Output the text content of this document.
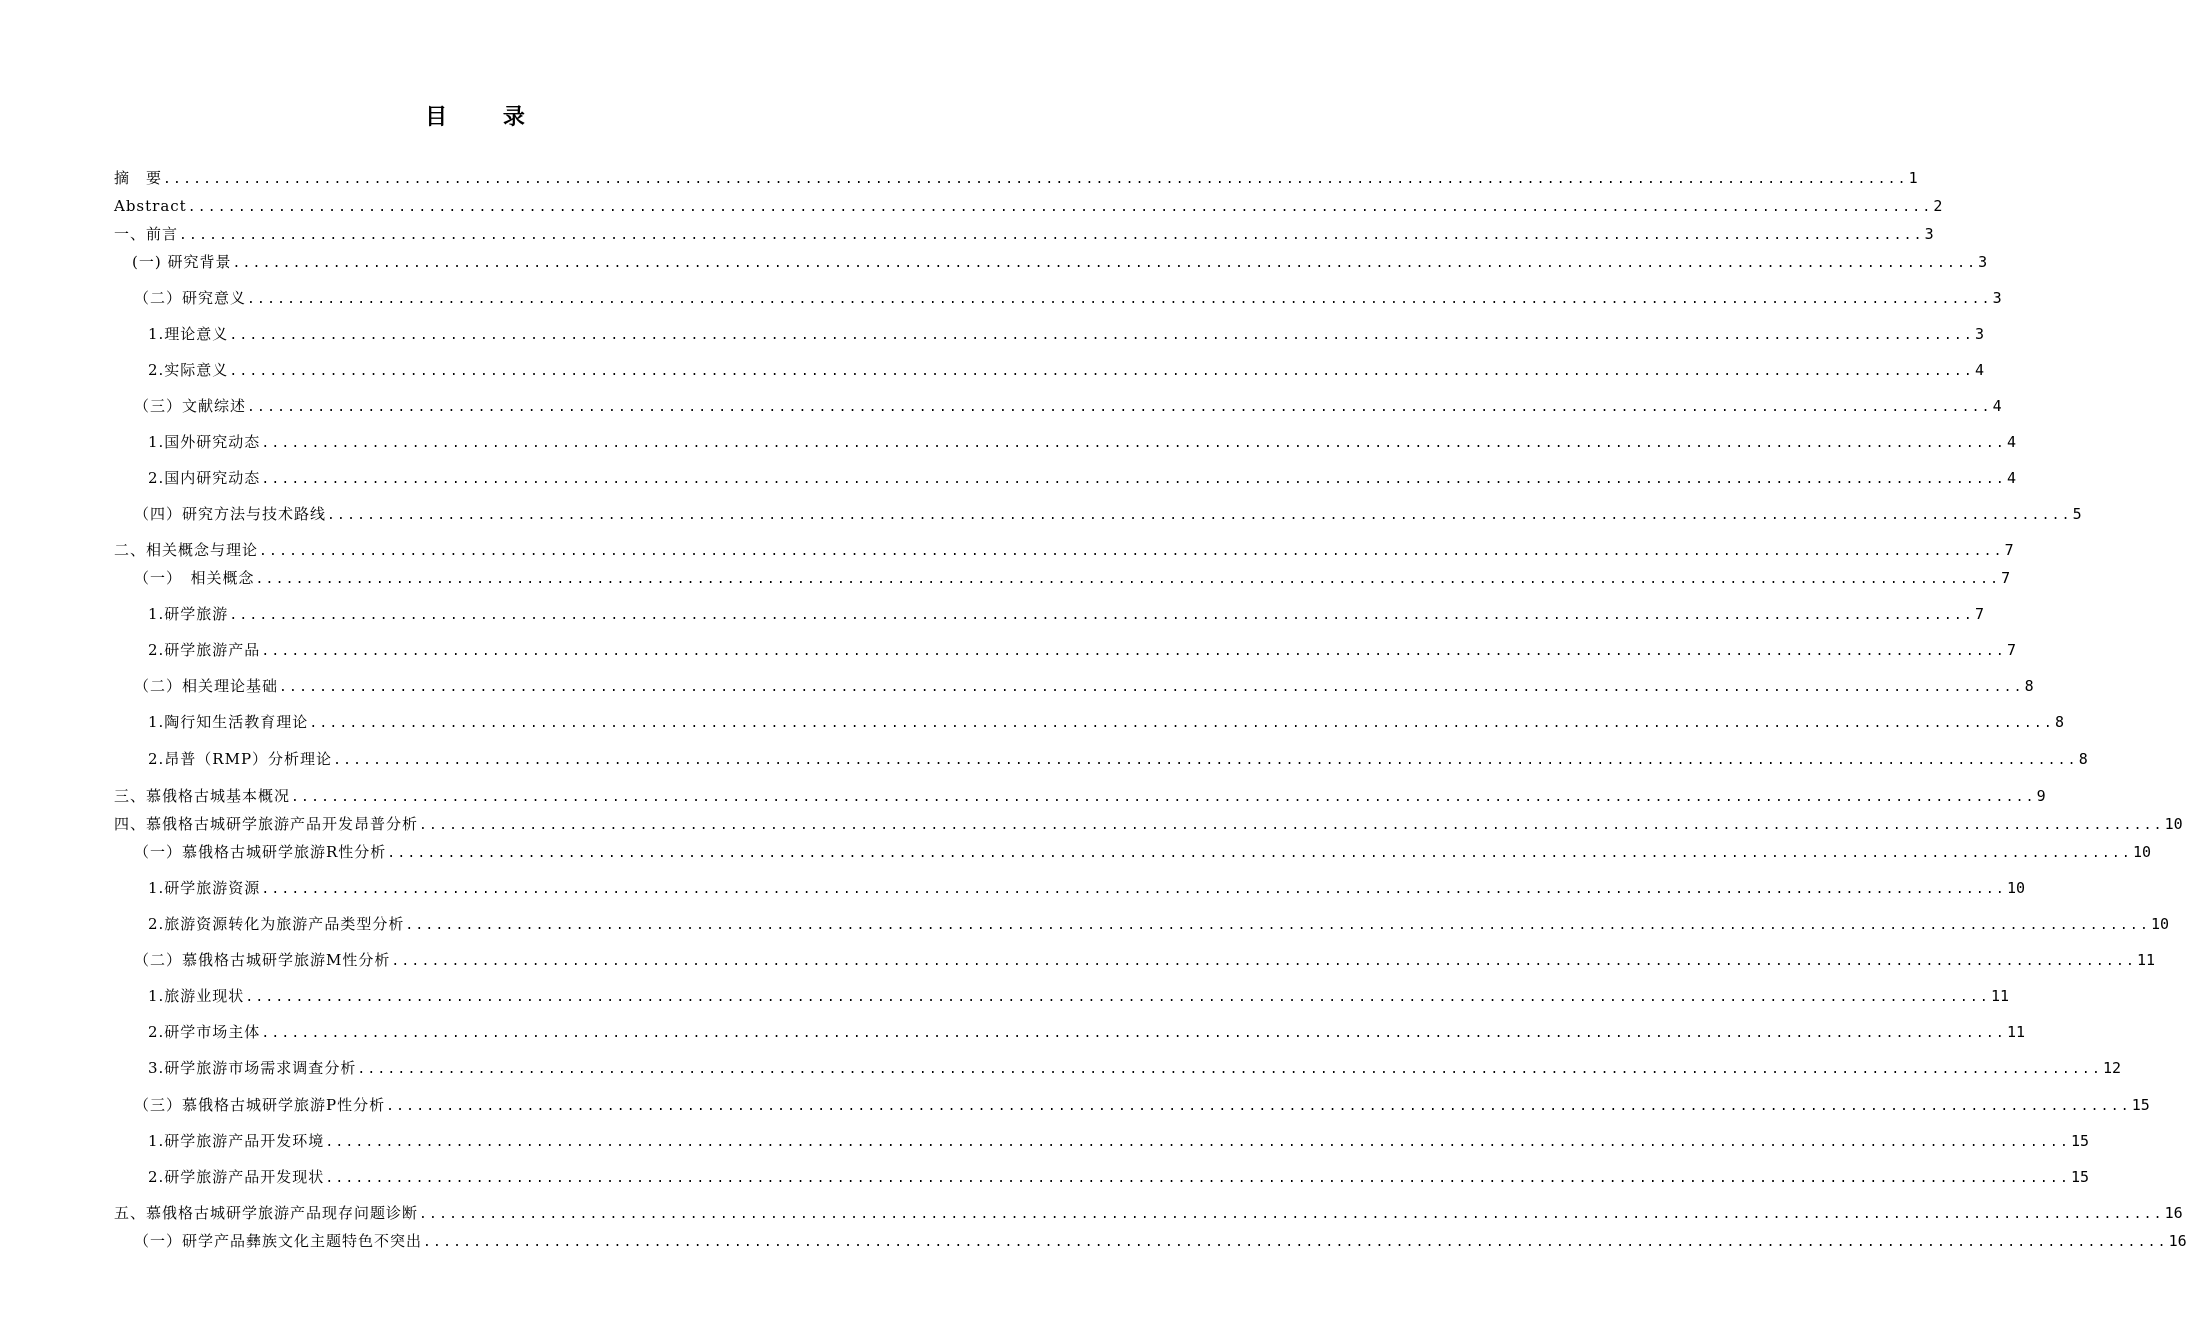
目 录
摘　要 .............................................................................................................................................................................. 1
Abstract .............................................................................................................................................................................. 2
一、前言 .............................................................................................................................................................................. 3
(一) 研究背景 .............................................................................................................................................................................. 3
（二）研究意义 .............................................................................................................................................................................. 3
1.理论意义 .............................................................................................................................................................................. 3
2.实际意义 .............................................................................................................................................................................. 4
（三）文献综述 .............................................................................................................................................................................. 4
1.国外研究动态 .............................................................................................................................................................................. 4
2.国内研究动态 .............................................................................................................................................................................. 4
（四）研究方法与技术路线 .............................................................................................................................................................................. 5
二、相关概念与理论 .............................................................................................................................................................................. 7
（一）　相关概念 .............................................................................................................................................................................. 7
1.研学旅游 .............................................................................................................................................................................. 7
2.研学旅游产品 .............................................................................................................................................................................. 7
（二）相关理论基础 .............................................................................................................................................................................. 8
1.陶行知生活教育理论 .............................................................................................................................................................................. 8
2.昂普（RMP）分析理论 .............................................................................................................................................................................. 8
三、慕俄格古城基本概况 .............................................................................................................................................................................. 9
四、慕俄格古城研学旅游产品开发昂普分析 .............................................................................................................................................................................. 10
（一）慕俄格古城研学旅游R性分析 .............................................................................................................................................................................. 10
1.研学旅游资源 .............................................................................................................................................................................. 10
2.旅游资源转化为旅游产品类型分析 .............................................................................................................................................................................. 10
（二）慕俄格古城研学旅游M性分析 .............................................................................................................................................................................. 11
1.旅游业现状 .............................................................................................................................................................................. 11
2.研学市场主体 .............................................................................................................................................................................. 11
3.研学旅游市场需求调查分析 .............................................................................................................................................................................. 12
（三）慕俄格古城研学旅游P性分析 .............................................................................................................................................................................. 15
1.研学旅游产品开发环境 .............................................................................................................................................................................. 15
2.研学旅游产品开发现状 .............................................................................................................................................................................. 15
五、慕俄格古城研学旅游产品现存问题诊断 .............................................................................................................................................................................. 16
（一）研学产品彝族文化主题特色不突出 .............................................................................................................................................................................. 16
